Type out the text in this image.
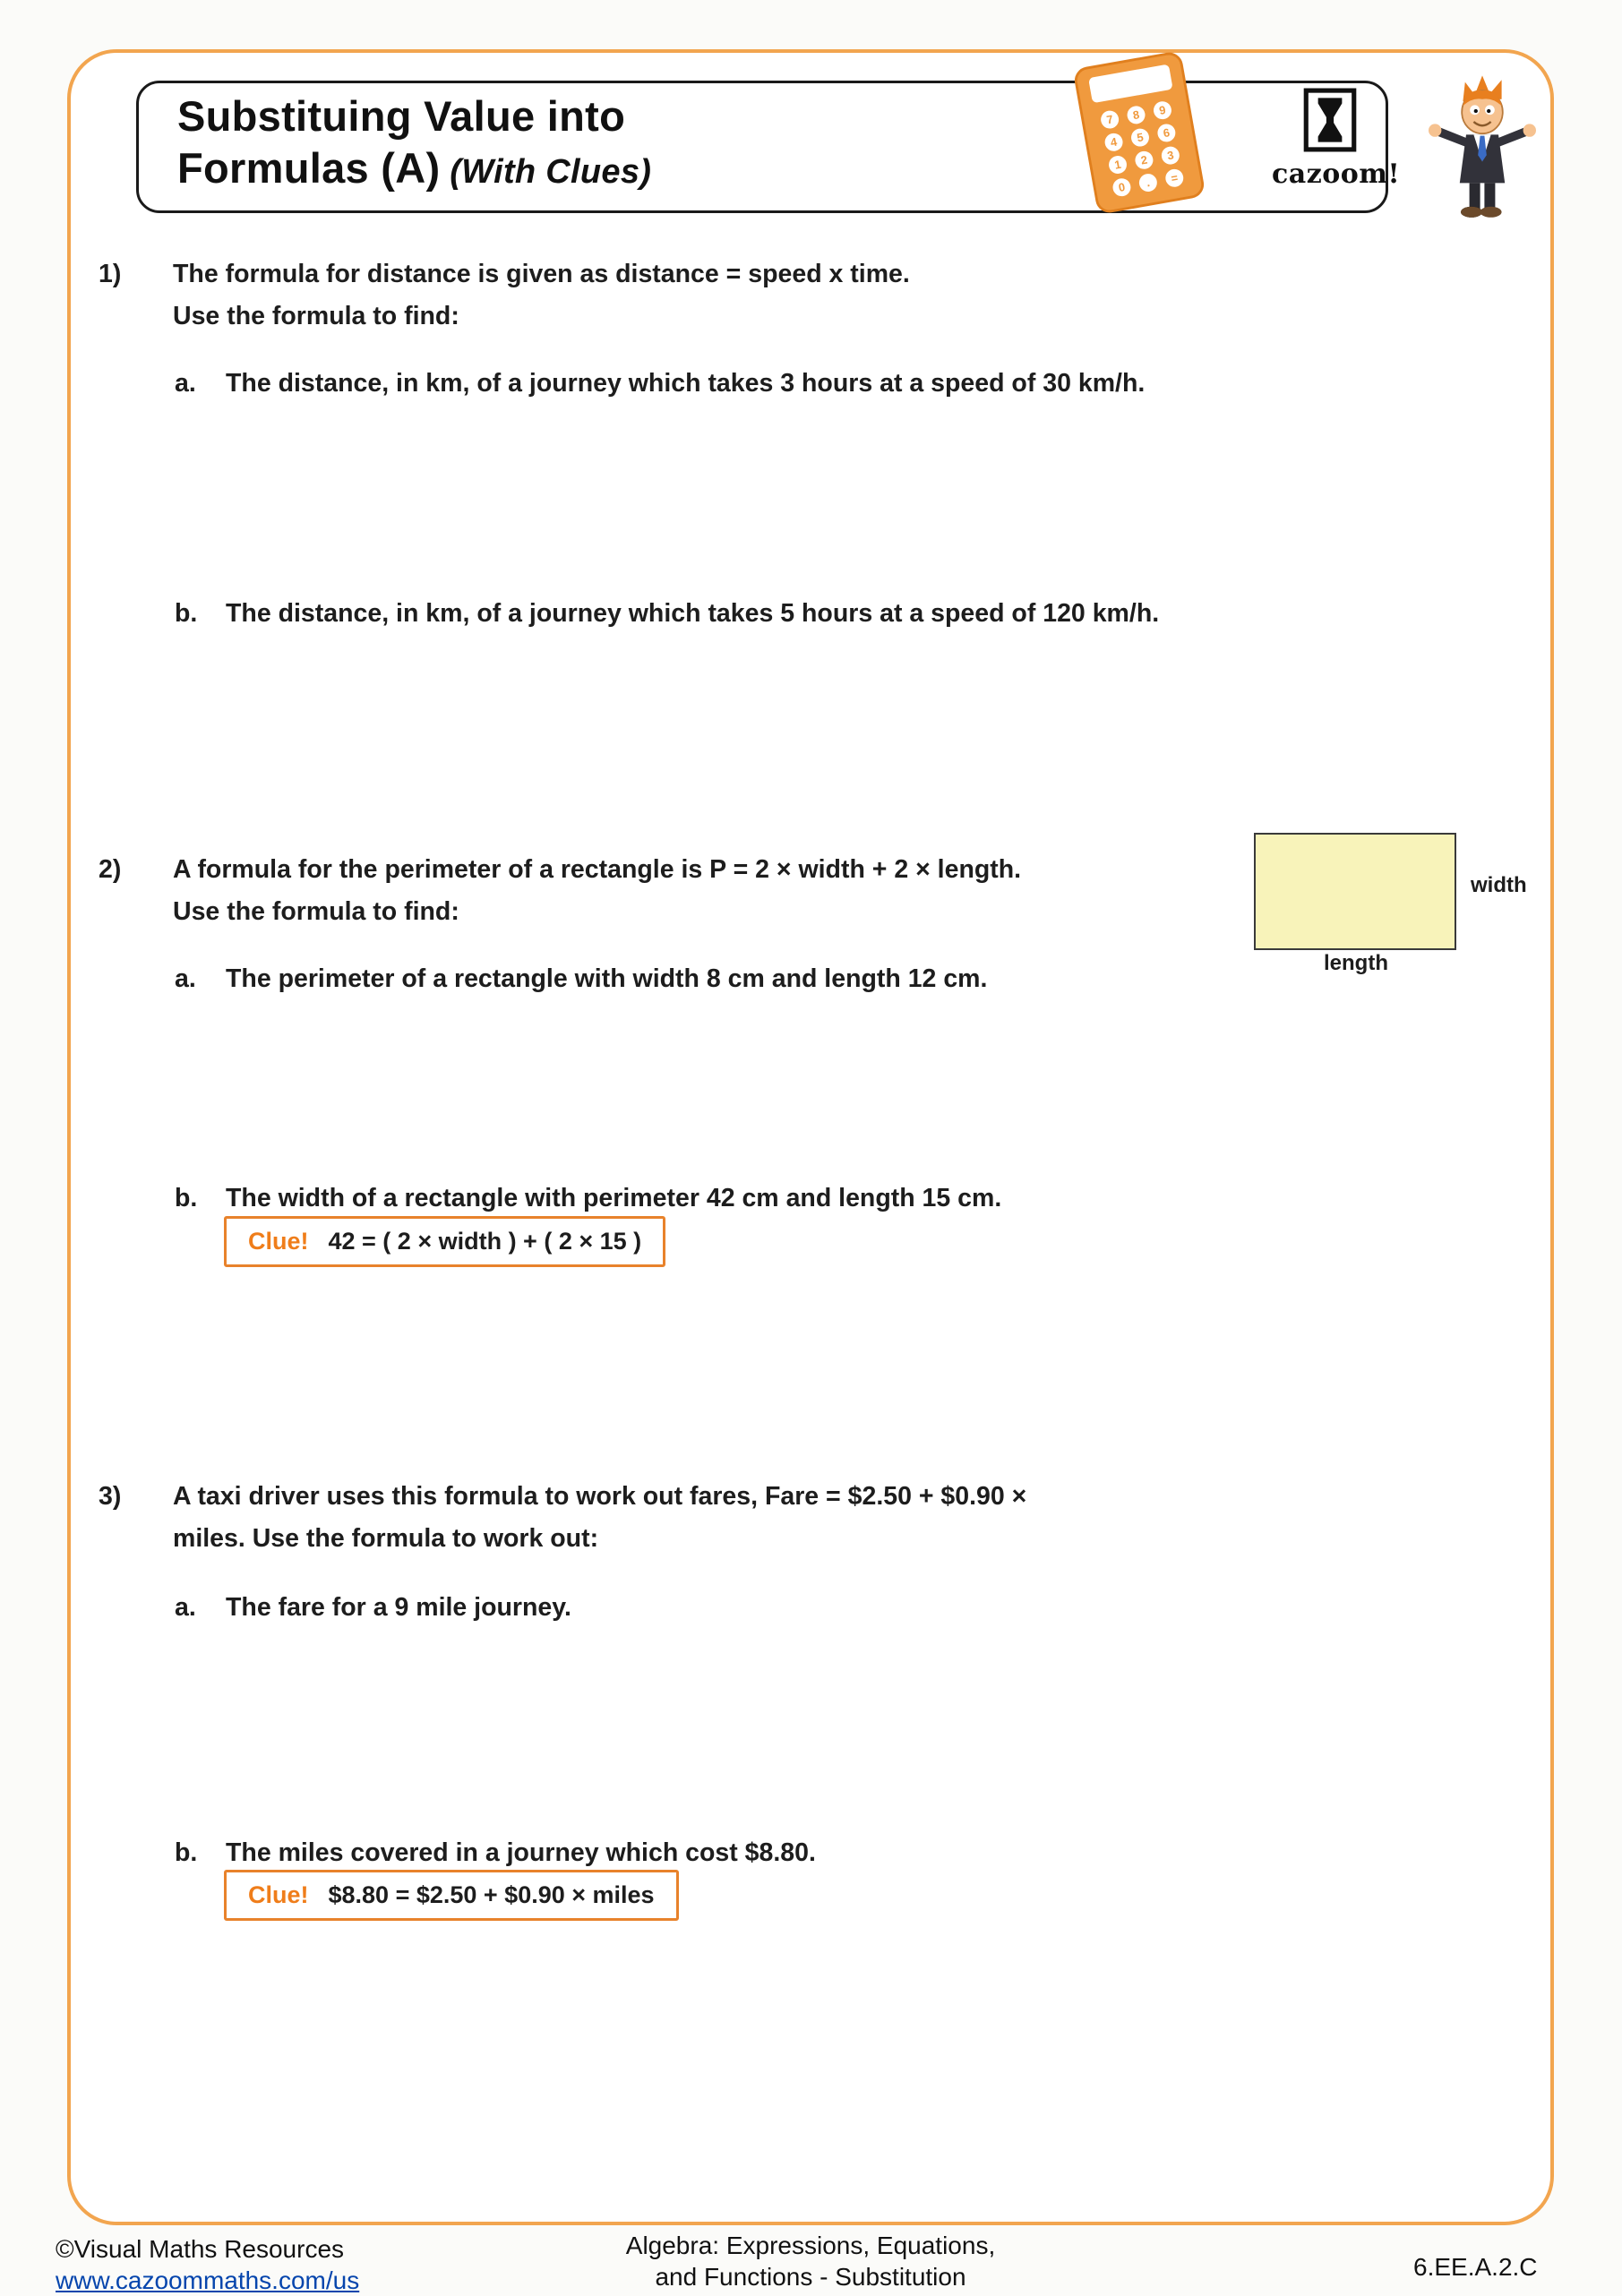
Substituing Value into
Formulas (A) (With Clues)
7 8 9
4 5 6
1 2 3
0 . =	cazoom!
1)	The formula for distance is given as distance = speed x time.
Use the formula to find:
a. The distance, in km, of a journey which takes 3 hours at a speed of 30 km/h.
b. The distance, in km, of a journey which takes 5 hours at a speed of 120 km/h.
2)	A formula for the perimeter of a rectangle is P = 2 × width + 2 × length.
Use the formula to find:
width
length
a. The perimeter of a rectangle with width 8 cm and length 12 cm.
b. The width of a rectangle with perimeter 42 cm and length 15 cm.
Clue! 42 = ( 2 × width ) + ( 2 × 15 )
3)	A taxi driver uses this formula to work out fares, Fare = $2.50 + $0.90 ×
miles. Use the formula to work out:
a. The fare for a 9 mile journey.
b. The miles covered in a journey which cost $8.80.
Clue! $8.80 = $2.50 + $0.90 × miles
©Visual Maths Resources
www.cazoommaths.com/us
Algebra: Expressions, Equations,
and Functions - Substitution	6.EE.A.2.C
